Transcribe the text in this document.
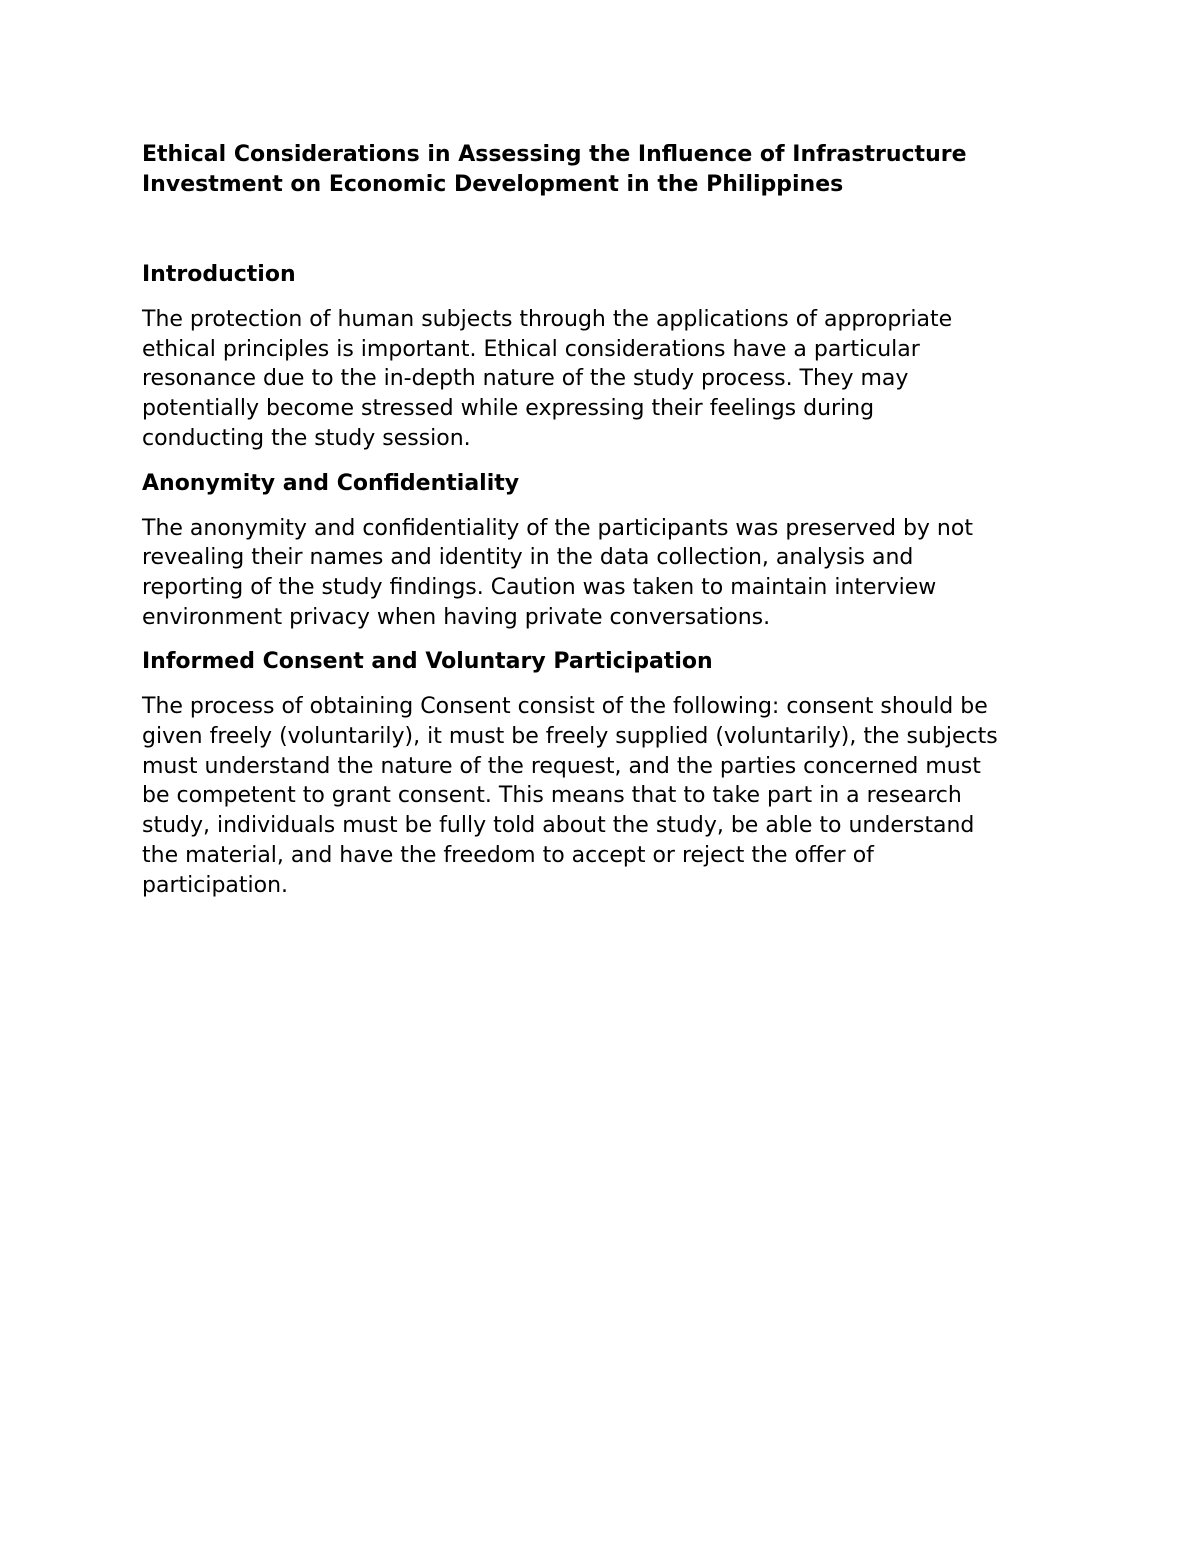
Ethical Considerations in Assessing the Influence of Infrastructure
Investment on Economic Development in the Philippines
Introduction
The protection of human subjects through the applications of appropriate
ethical principles is important. Ethical considerations have a particular
resonance due to the in-depth nature of the study process. They may
potentially become stressed while expressing their feelings during
conducting the study session.
Anonymity and Confidentiality
The anonymity and confidentiality of the participants was preserved by not
revealing their names and identity in the data collection, analysis and
reporting of the study findings. Caution was taken to maintain interview
environment privacy when having private conversations.
Informed Consent and Voluntary Participation
The process of obtaining Consent consist of the following: consent should be
given freely (voluntarily), it must be freely supplied (voluntarily), the subjects
must understand the nature of the request, and the parties concerned must
be competent to grant consent. This means that to take part in a research
study, individuals must be fully told about the study, be able to understand
the material, and have the freedom to accept or reject the offer of
participation.
